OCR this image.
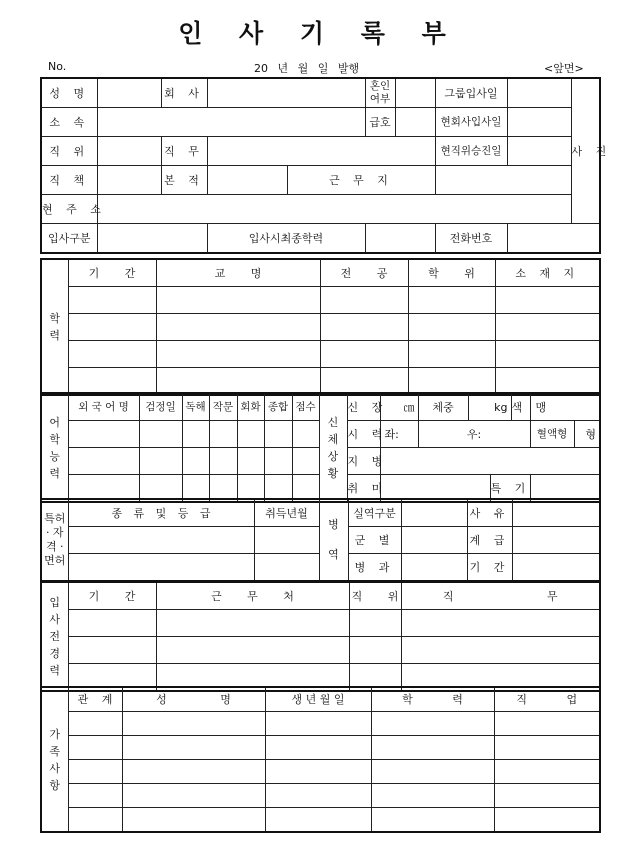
인 사 기 록 부
No.	20 년 월 일 발행	<앞면>
성 명		회 사			혼인 여부		그룹입사일		사 진
소 속					급호		현회사입사일		
직 위		직 무					현직위승진일		
직 책		본 적		근 무 지					
현 주 소									
입사구분			입사시최종학력				전화번호		
학 력	기 간	교 명	전 공	학 위	소 재 지

어 학 능 력	외 국 어 명	검정일	독해	작문	회화	종합	점수	신체 상황	신 장	㎝	체중	kg		색 맹		
									시 력	좌:	우:				혈액형	형
									지 병							
									취 미				특 기			
특허 · 자격 · 면허	종 류 및 등 급	취득년월	병 역	실역구분		사 유	
				군 별		계 급	
				병 과		기 간	
입 사 전 경 력	기 간	근 무 처	직 위	직 무

가 족 사 항	관 계	성 명	생 년 월 일	학 력	직 업
